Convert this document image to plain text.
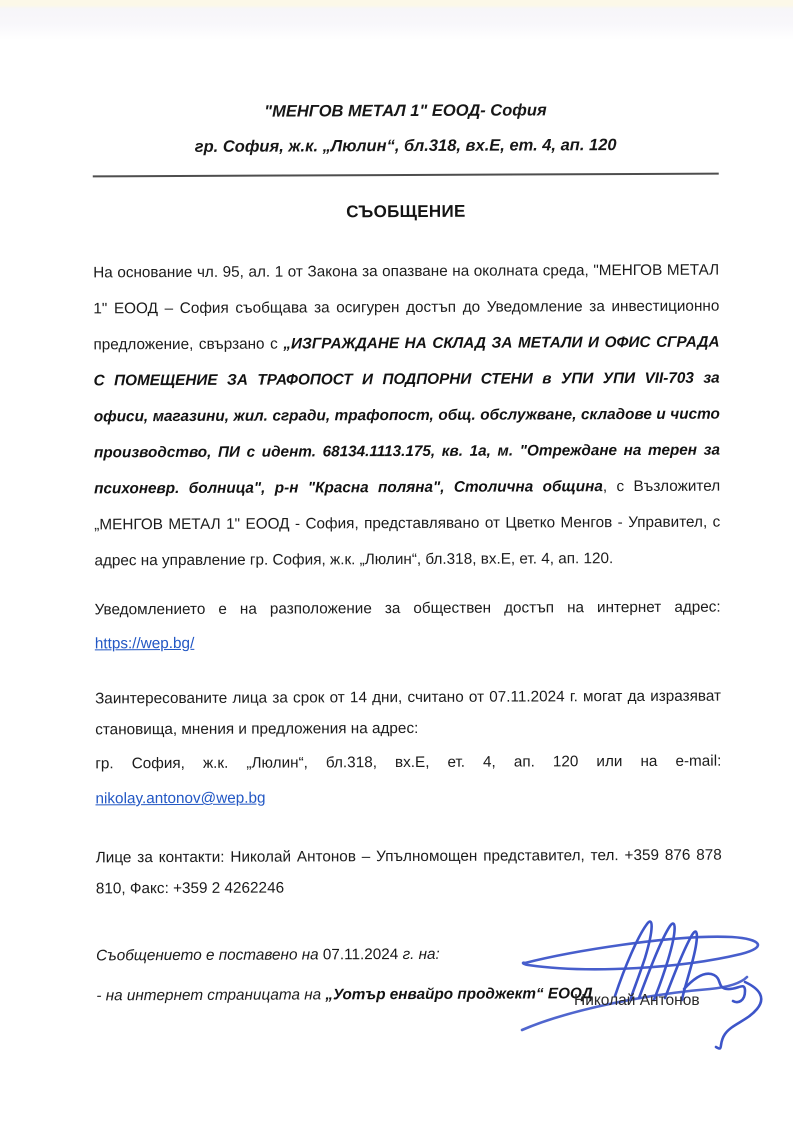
"МЕНГОВ МЕТАЛ 1" ЕООД- София
гр. София, ж.к. „Люлин“, бл.318, вх.Е, ет. 4, ап. 120
СЪОБЩЕНИЕ

На основание чл. 95, ал. 1 от Закона за опазване на околната среда, "МЕНГОВ МЕТАЛ 1" ЕООД – София съобщава за осигурен достъп до Уведомление за инвестиционно предложение, свързано с „ИЗГРАЖДАНЕ НА СКЛАД ЗА МЕТАЛИ И ОФИС СГРАДА С ПОМЕЩЕНИЕ ЗА ТРАФОПОСТ И ПОДПОРНИ СТЕНИ в УПИ УПИ VII-703 за офиси, магазини, жил. сгради, трафопост, общ. обслужване, складове и чисто производство, ПИ с идент. 68134.1113.175, кв. 1а, м. "Отреждане на терен за психоневр. болница", р-н "Красна поляна", Столична община, с Възложител „МЕНГОВ МЕТАЛ 1" ЕООД - София, представлявано от Цветко Менгов - Управител, с адрес на управление гр. София, ж.к. „Люлин“, бл.318, вх.Е, ет. 4, ап. 120.

Уведомлението е на разположение за обществен достъп на интернет адрес:

https://wep.bg/

Заинтересованите лица за срок от 14 дни, считано от 07.11.2024 г. могат да изразяват становища, мнения и предложения на адрес:

гр. София, ж.к. „Люлин“, бл.318, вх.Е, ет. 4, ап. 120 или на e-mail:

nikolay.antonov@wep.bg

Лице за контакти: Николай Антонов – Упълномощен представител, тел. +359 876 878 810, Факс: +359 2 4262246

Съобщението е поставено на 07.11.2024 г. на:

- на интернет страницата на „Уотър енвайро проджект“ ЕООД

Николай Антонов
